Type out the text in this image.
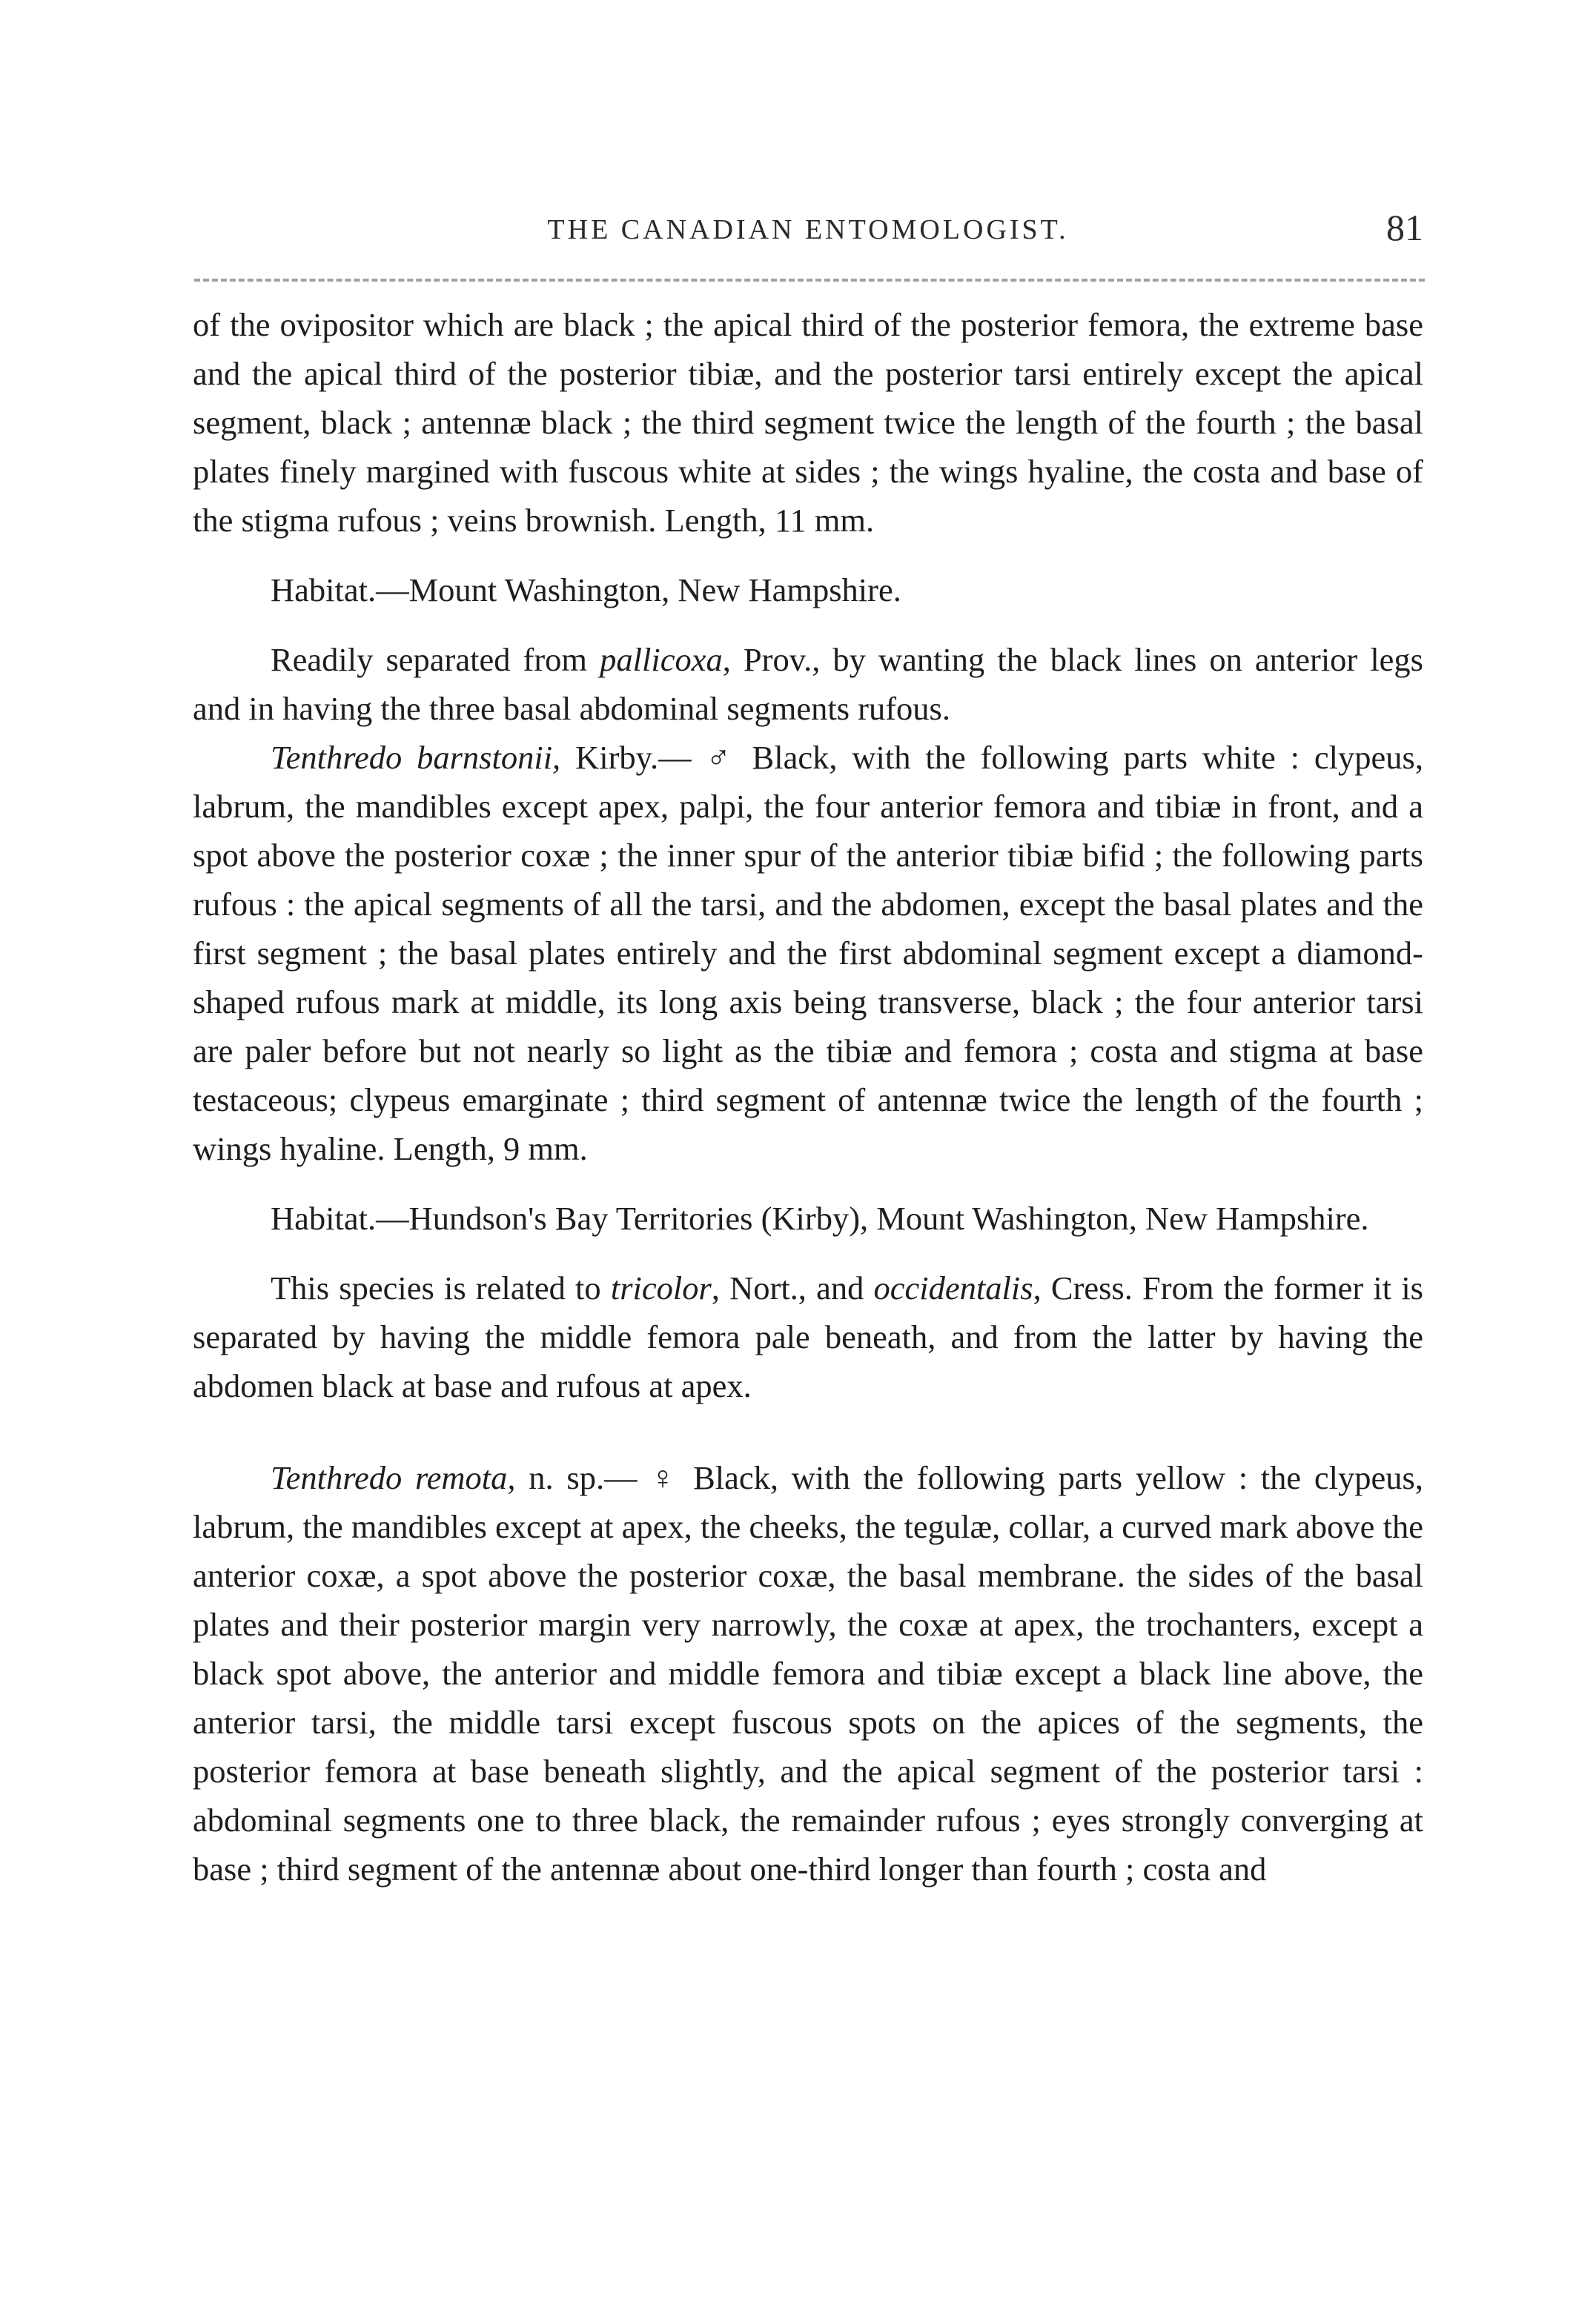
THE CANADIAN ENTOMOLOGIST.	81

of the ovipositor which are black ; the apical third of the posterior femora, the extreme base and the apical third of the posterior tibiæ, and the posterior tarsi entirely except the apical segment, black ; antennæ black ; the third segment twice the length of the fourth ; the basal plates finely margined with fuscous white at sides ; the wings hyaline, the costa and base of the stigma rufous ; veins brownish. Length, 11 mm.

Habitat.—Mount Washington, New Hampshire.

Readily separated from pallicoxa, Prov., by wanting the black lines on anterior legs and in having the three basal abdominal segments rufous.

Tenthredo barnstonii, Kirby.— ♂ Black, with the following parts white : clypeus, labrum, the mandibles except apex, palpi, the four anterior femora and tibiæ in front, and a spot above the posterior coxæ ; the inner spur of the anterior tibiæ bifid ; the following parts rufous : the apical segments of all the tarsi, and the abdomen, except the basal plates and the first segment ; the basal plates entirely and the first abdominal segment except a diamond-shaped rufous mark at middle, its long axis being transverse, black ; the four anterior tarsi are paler before but not nearly so light as the tibiæ and femora ; costa and stigma at base testaceous; clypeus emarginate ; third segment of antennæ twice the length of the fourth ; wings hyaline. Length, 9 mm.

Habitat.—Hundson's Bay Territories (Kirby), Mount Washington, New Hampshire.

This species is related to tricolor, Nort., and occidentalis, Cress. From the former it is separated by having the middle femora pale beneath, and from the latter by having the abdomen black at base and rufous at apex.

Tenthredo remota, n. sp.— ♀ Black, with the following parts yellow : the clypeus, labrum, the mandibles except at apex, the cheeks, the tegulæ, collar, a curved mark above the anterior coxæ, a spot above the posterior coxæ, the basal membrane. the sides of the basal plates and their posterior margin very narrowly, the coxæ at apex, the trochanters, except a black spot above, the anterior and middle femora and tibiæ except a black line above, the anterior tarsi, the middle tarsi except fuscous spots on the apices of the segments, the posterior femora at base beneath slightly, and the apical segment of the posterior tarsi : abdominal segments one to three black, the remainder rufous ; eyes strongly converging at base ; third segment of the antennæ about one-third longer than fourth ; costa and
